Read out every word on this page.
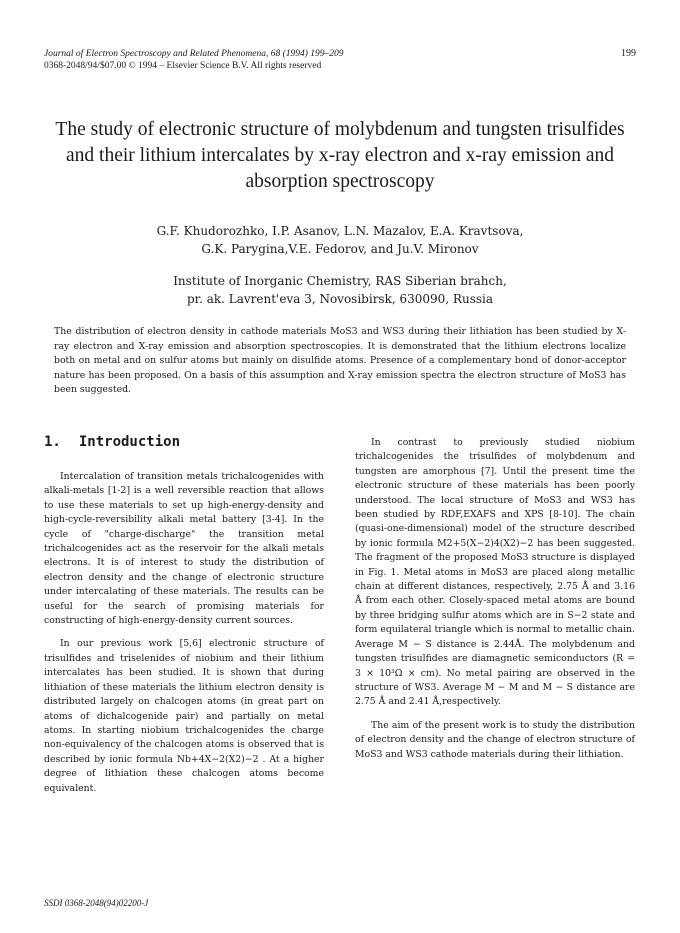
Journal of Electron Spectroscopy and Related Phenomena, 68 (1994) 199–209
0368-2048/94/$07.00 © 1994 – Elsevier Science B.V. All rights reserved
199
The study of electronic structure of molybdenum and tungsten trisulfides and their lithium intercalates by x-ray electron and x-ray emission and absorption spectroscopy
G.F. Khudorozhko, I.P. Asanov, L.N. Mazalov, E.A. Kravtsova,
G.K. Parygina,V.E. Fedorov, and Ju.V. Mironov
Institute of Inorganic Chemistry, RAS Siberian brahch,
pr. ak. Lavrent'eva 3, Novosibirsk, 630090, Russia
The distribution of electron density in cathode materials MoS3 and WS3 during their lithiation has been studied by X-ray electron and X-ray emission and absorption spectroscopies. It is demonstrated that the lithium electrons localize both on metal and on sulfur atoms but mainly on disulfide atoms. Presence of a complementary bond of donor-acceptor nature has been proposed. On a basis of this assumption and X-ray emission spectra the electron structure of MoS3 has been suggested.
1. Introduction

Intercalation of transition metals trichalcogenides with alkali-metals [1-2] is a well reversible reaction that allows to use these materials to set up high-energy-density and high-cycle-reversibility alkali metal battery [3-4]. In the cycle of "charge-discharge" the transition metal trichalcogenides act as the reservoir for the alkali metals electrons. It is of interest to study the distribution of electron density and the change of electronic structure under intercalating of these materials. The results can be useful for the search of promising materials for constructing of high-energy-density current sources.

In our previous work [5,6] electronic structure of trisulfides and triselenides of niobium and their lithium intercalates has been studied. It is shown that during lithiation of these materials the lithium electron density is distributed largely on chalcogen atoms (in great part on atoms of dichalcogenide pair) and partially on metal atoms. In starting niobium trichalcogenides the charge non-equivalency of the chalcogen atoms is observed that is described by ionic formula Nb+4X−2(X2)−2 . At a higher degree of lithiation these chalcogen atoms become equivalent.

In contrast to previously studied niobium trichalcogenides the trisulfides of molybdenum and tungsten are amorphous [7]. Until the present time the electronic structure of these materials has been poorly understood. The local structure of MoS3 and WS3 has been studied by RDF,EXAFS and XPS [8-10]. The chain (quasi-one-dimensional) model of the structure described by ionic formula M2+5(X−2)4(X2)−2 has been suggested. The fragment of the proposed MoS3 structure is displayed in Fig. 1. Metal atoms in MoS3 are placed along metallic chain at different distances, respectively, 2.75 Å and 3.16 Å from each other. Closely-spaced metal atoms are bound by three bridging sulfur atoms which are in S−2 state and form equilateral triangle which is normal to metallic chain. Average M − S distance is 2.44Å. The molybdenum and tungsten trisulfides are diamagnetic semiconductors (R = 3 × 10³Ω × cm). No metal pairing are observed in the structure of WS3. Average M − M and M − S distance are 2.75 Å and 2.41 Å,respectively.

The aim of the present work is to study the distribution of electron density and the change of electron structure of MoS3 and WS3 cathode materials during their lithiation.

SSDI 0368-2048(94)02200-J
